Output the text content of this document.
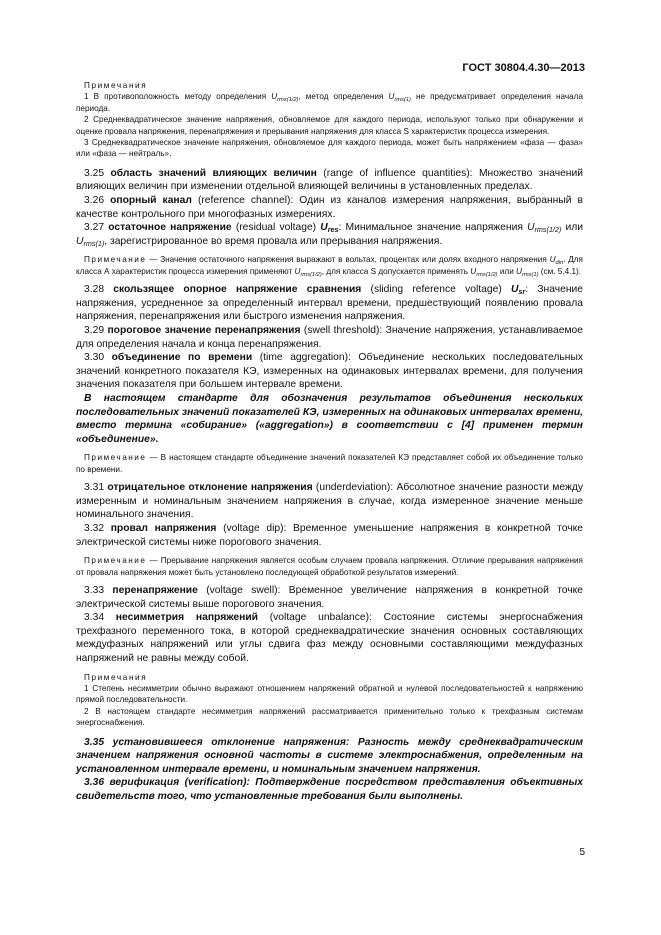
ГОСТ 30804.4.30—2013

Примечания

1 В противоположность методу определения $U_{rms(1/2)}$, метод определения $U_{rms(1)}$ не предусматривает определения начала периода.

2 Среднеквадратическое значение напряжения, обновляемое для каждого периода, используют только при обнаружении и оценке провала напряжения, перенапряжения и прерывания напряжения для класса S характеристик процесса измерения.

3 Среднеквадратическое значение напряжения, обновляемое для каждого периода, может быть напряжением «фаза — фаза» или «фаза — нейтраль».

3.25 область значений влияющих величин (range of influence quantities): Множество значений влияющих величин при изменении отдельной влияющей величины в установленных пределах.

3.26 опорный канал (reference channel): Один из каналов измерения напряжения, выбранный в качестве контрольного при многофазных измерениях.

3.27 остаточное напряжение (residual voltage) $U_{res}$: Минимальное значение напряжения $U_{rms(1/2)}$ или $U_{rms(1)}$, зарегистрированное во время провала или прерывания напряжения.

Примечание — Значение остаточного напряжения выражают в вольтах, процентах или долях входного напряжения $U_{din}$. Для класса А характеристик процесса измерения применяют $U_{rms(1/2)}$, для класса S допускается применять $U_{rms(1/2)}$ или $U_{rms(1)}$ (см. 5.4.1).

3.28 скользящее опорное напряжение сравнения (sliding reference voltage) $U_{sr}$: Значение напряжения, усредненное за определенный интервал времени, предшествующий появлению провала напряжения, перенапряжения или быстрого изменения напряжения.

3.29 пороговое значение перенапряжения (swell threshold): Значение напряжения, устанавливаемое для определения начала и конца перенапряжения.

3.30 объединение по времени (time aggregation): Объединение нескольких последовательных значений конкретного показателя КЭ, измеренных на одинаковых интервалах времени, для получения значения показателя при большем интервале времени.

В настоящем стандарте для обозначения результатов объединения нескольких последовательных значений показателей КЭ, измеренных на одинаковых интервалах времени, вместо термина «собирание» («aggregation») в соответствии с [4] применен термин «объединение».

Примечание — В настоящем стандарте объединение значений показателей КЭ представляет собой их объединение только по времени.

3.31 отрицательное отклонение напряжения (underdeviation): Абсолютное значение разности между измеренным и номинальным значением напряжения в случае, когда измеренное значение меньше номинального значения.

3.32 провал напряжения (voltage dip): Временное уменьшение напряжения в конкретной точке электрической системы ниже порогового значения.

Примечание — Прерывание напряжения является особым случаем провала напряжения. Отличие прерывания напряжения от провала напряжения может быть установлено последующей обработкой результатов измерений.

3.33 перенапряжение (voltage swell): Временное увеличение напряжения в конкретной точке электрической системы выше порогового значения.

3.34 несимметрия напряжений (voltage unbalance): Состояние системы энергоснабжения трехфазного переменного тока, в которой среднеквадратические значения основных составляющих междуфазных напряжений или углы сдвига фаз между основными составляющими междуфазных напряжений не равны между собой.

Примечания

1 Степень несимметрии обычно выражают отношением напряжений обратной и нулевой последовательностей к напряжению прямой последовательности.

2 В настоящем стандарте несимметрия напряжений рассматривается применительно только к трехфазным системам энергоснабжения.

3.35 установившееся отклонение напряжения: Разность между среднеквадратическим значением напряжения основной частоты в системе электроснабжения, определенным на установленном интервале времени, и номинальным значением напряжения.

3.36 верификация (verification): Подтверждение посредством представления объективных свидетельств того, что установленные требования были выполнены.

5
